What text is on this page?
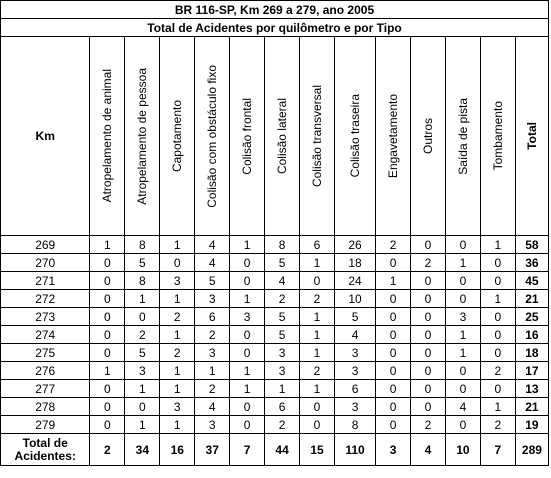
BR 116-SP, Km 269 a 279, ano 2005													
Total de Acidentes por quilômetro e por Tipo													
Km	Atropelamento de animal	Atropelamento de pessoa	Capotamento	Colisão com obstáculo fixo	Colisão frontal	Colisão lateral	Colisão transversal	Colisão traseira	Engavetamento	Outros	Saída de pista	Tombamento	Total

269	1	8	1	4	1	8	6	26	2	0	0	1	58
270	0	5	0	4	0	5	1	18	0	2	1	0	36
271	0	8	3	5	0	4	0	24	1	0	0	0	45
272	0	1	1	3	1	2	2	10	0	0	0	1	21
273	0	0	2	6	3	5	1	5	0	0	3	0	25
274	0	2	1	2	0	5	1	4	0	0	1	0	16
275	0	5	2	3	0	3	1	3	0	0	1	0	18
276	1	3	1	1	1	3	2	3	0	0	0	2	17
277	0	1	1	2	1	1	1	6	0	0	0	0	13
278	0	0	3	4	0	6	0	3	0	0	4	1	21
279	0	1	1	3	0	2	0	8	0	2	0	2	19

Total de
Acidentes:	2	34	16	37	7	44	15	110	3	4	10	7	289
